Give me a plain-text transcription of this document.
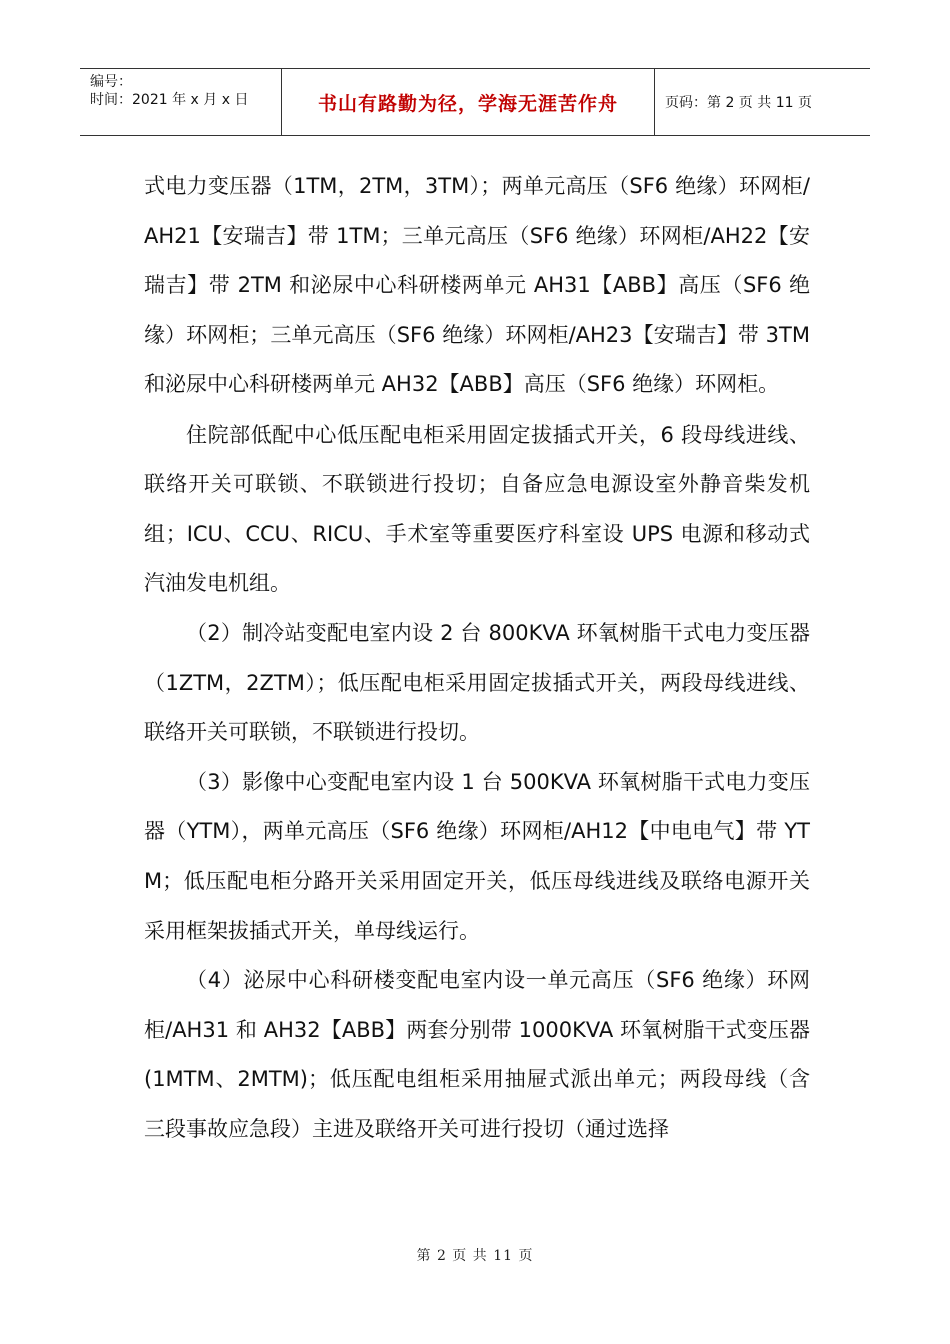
编号：
时间：2021 年 x 月 x 日	书山有路勤为径，学海无涯苦作舟	页码：第 2 页 共 11 页

式电力变压器（1TM，2TM，3TM）；两单元高压（SF6 绝缘）环网柜/AH21【安瑞吉】带 1TM；三单元高压（SF6 绝缘）环网柜/AH22【安瑞吉】带 2TM 和泌尿中心科研楼两单元 AH31【ABB】高压（SF6 绝缘）环网柜；三单元高压（SF6 绝缘）环网柜/AH23【安瑞吉】带 3TM 和泌尿中心科研楼两单元 AH32【ABB】高压（SF6 绝缘）环网柜。

住院部低配中心低压配电柜采用固定拔插式开关，6 段母线进线、联络开关可联锁、不联锁进行投切；自备应急电源设室外静音柴发机组；ICU、CCU、RICU、手术室等重要医疗科室设 UPS 电源和移动式汽油发电机组。

（2）制冷站变配电室内设 2 台 800KVA 环氧树脂干式电力变压器（1ZTM，2ZTM）；低压配电柜采用固定拔插式开关，两段母线进线、联络开关可联锁，不联锁进行投切。

（3）影像中心变配电室内设 1 台 500KVA 环氧树脂干式电力变压器（YTM），两单元高压（SF6 绝缘）环网柜/AH12【中电电气】带 YTM；低压配电柜分路开关采用固定开关，低压母线进线及联络电源开关采用框架拔插式开关，单母线运行。

（4）泌尿中心科研楼变配电室内设一单元高压（SF6 绝缘）环网柜/AH31 和 AH32【ABB】两套分别带 1000KVA 环氧树脂干式变压器(1MTM、2MTM)；低压配电组柜采用抽屉式派出单元；两段母线（含三段事故应急段）主进及联络开关可进行投切（通过选择

第 2 页 共 11 页
